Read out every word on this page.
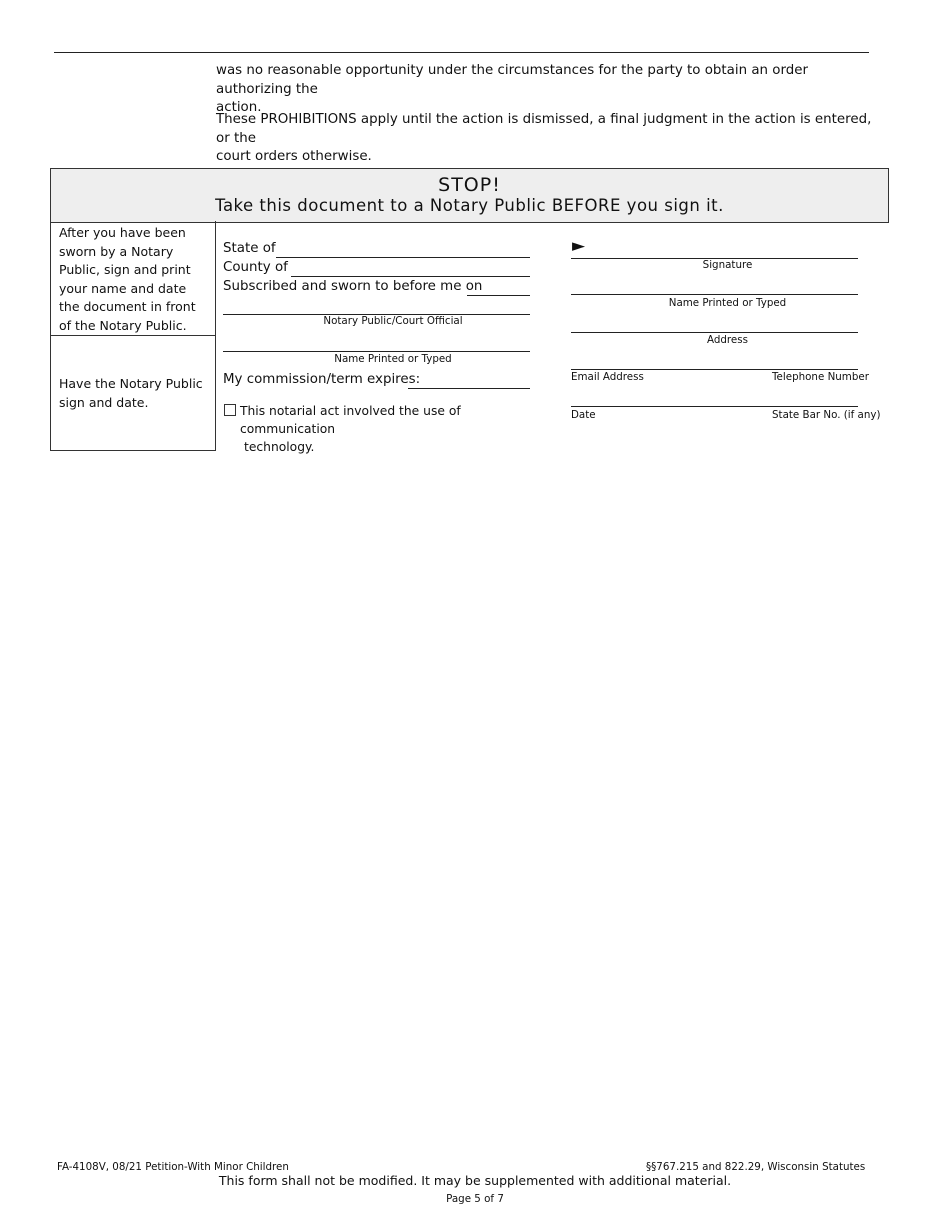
was no reasonable opportunity under the circumstances for the party to obtain an order authorizing the
action.
These PROHIBITIONS apply until the action is dismissed, a final judgment in the action is entered, or the
court orders otherwise.
STOP!
Take this document to a Notary Public BEFORE you sign it.
After you have been sworn by a Notary Public, sign and print your name and date the document in front of the Notary Public.
Have the Notary Public sign and date.
State of
County of
Subscribed and sworn to before me on
Notary Public/Court Official
Name Printed or Typed
My commission/term expires:
This notarial act involved the use of communication
technology.
►
Signature
Name Printed or Typed
Address
Email Address	Telephone Number
Date	State Bar No. (if any)
FA-4108V, 08/21 Petition-With Minor Children	§§767.215 and 822.29, Wisconsin Statutes
This form shall not be modified. It may be supplemented with additional material.
Page 5 of 7
